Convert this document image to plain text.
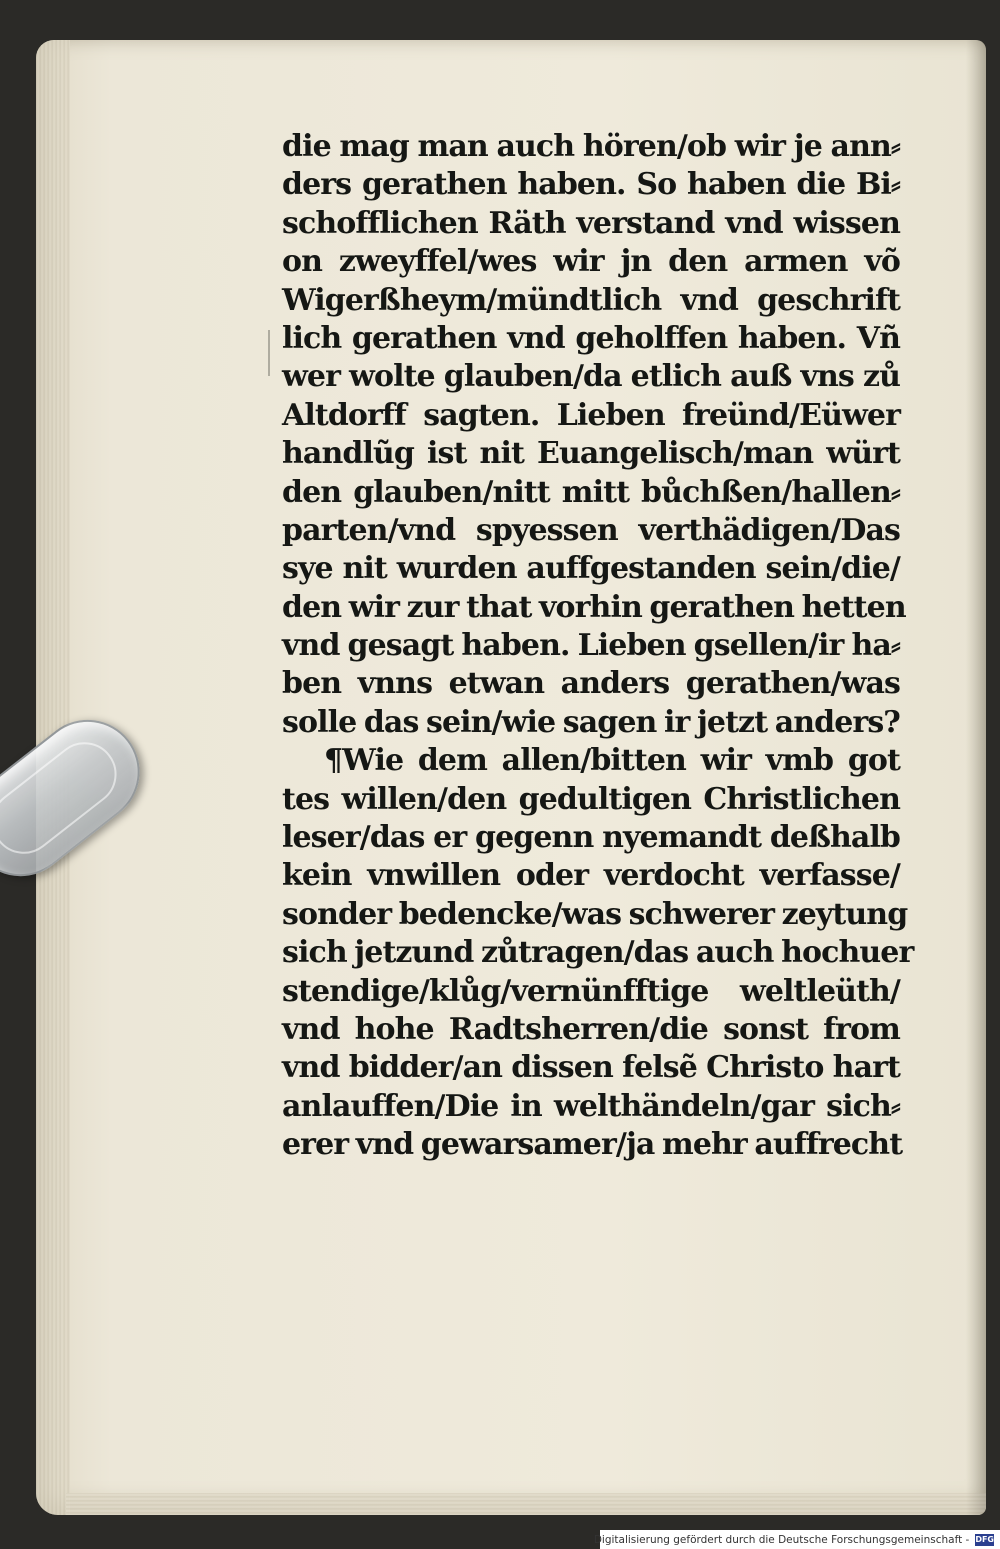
die mag man auch hören/ob wir je ann⸗
ders gerathen haben. So haben die Bi⸗
schofflichen Räth verstand vnd wissen
on zweyffel/wes wir jn den armen võ
Wigerßheym/mündtlich vnd geschrift
lich gerathen vnd geholffen haben. Vñ
wer wolte glauben/da etlich auß vns zů
Altdorff sagten. Lieben freünd/Eüwer
handlũg ist nit Euangelisch/man würt
den glauben/nitt mitt bůchßen/hallen⸗
parten/vnd spyessen verthädigen/Das
sye nit wurden auffgestanden sein/die/
den wir zur that vorhin gerathen hetten
vnd gesagt haben. Lieben gsellen/ir ha⸗
ben vnns etwan anders gerathen/was
solle das sein/wie sagen ir jetzt anders?
¶Wie dem allen/bitten wir vmb got
tes willen/den gedultigen Christlichen
leser/das er gegenn nyemandt deßhalb
kein vnwillen oder verdocht verfasse/
sonder bedencke/was schwerer zeytung
sich jetzund zůtragen/das auch hochuer
stendige/klůg/vernünfftige weltleüth/
vnd hohe Radtsherren/die sonst from
vnd bidder/an dissen felsẽ Christo hart
anlauffen/Die in welthändeln/gar sich⸗
erer vnd gewarsamer/ja mehr auffrecht
Digitalisierung gefördert durch die Deutsche Forschungsgemeinschaft - DFG
